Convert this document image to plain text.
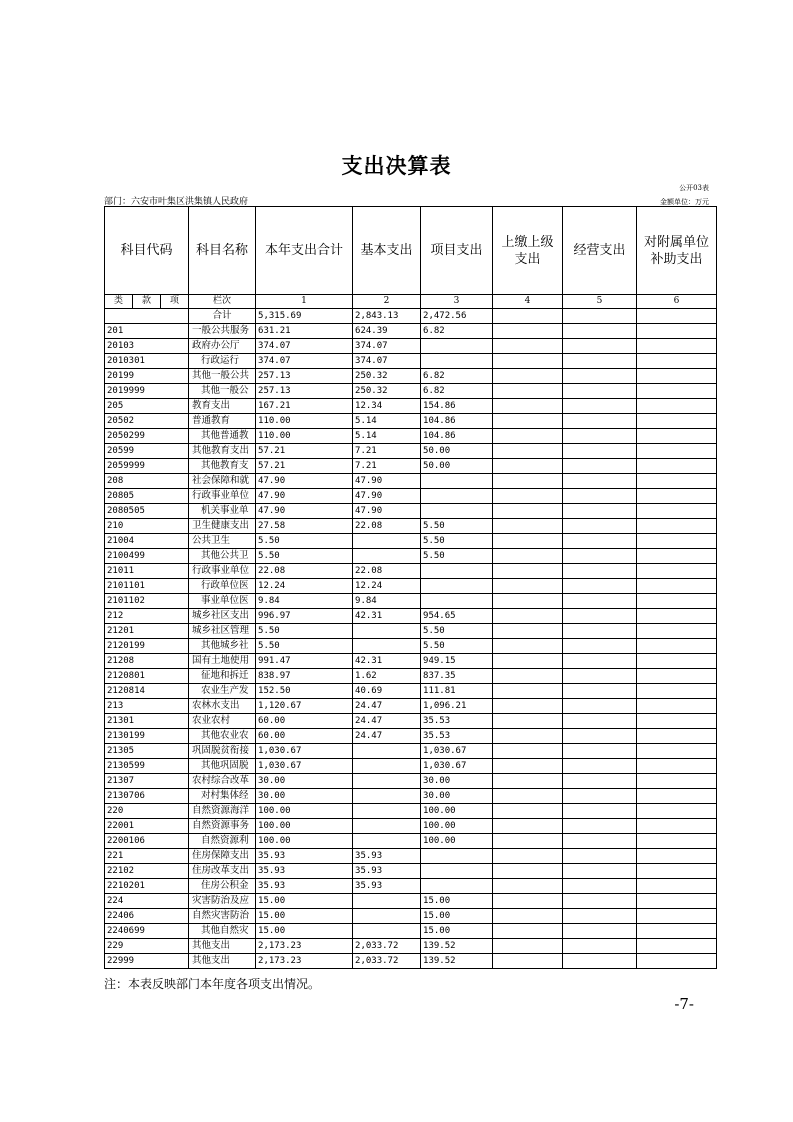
支出决算表
公开03表
部门：六安市叶集区洪集镇人民政府	金额单位：万元
科目代码			科目名称	本年支出合计	基本支出	项目支出	上缴上级支出	经营支出	对附属单位补助支出
类	款	项	栏次	1	2	3	4	5	6
			合计	5,315.69	2,843.13	2,472.56			
201			一般公共服务	631.21	624.39	6.82			
20103			政府办公厅	374.07	374.07				
2010301			行政运行	374.07	374.07				
20199			其他一般公共	257.13	250.32	6.82			
2019999			其他一般公	257.13	250.32	6.82			
205			教育支出	167.21	12.34	154.86			
20502			普通教育	110.00	5.14	104.86			
2050299			其他普通教	110.00	5.14	104.86			
20599			其他教育支出	57.21	7.21	50.00			
2059999			其他教育支	57.21	7.21	50.00			
208			社会保障和就	47.90	47.90				
20805			行政事业单位	47.90	47.90				
2080505			机关事业单	47.90	47.90				
210			卫生健康支出	27.58	22.08	5.50			
21004			公共卫生	5.50		5.50			
2100499			其他公共卫	5.50		5.50			
21011			行政事业单位	22.08	22.08				
2101101			行政单位医	12.24	12.24				
2101102			事业单位医	9.84	9.84				
212			城乡社区支出	996.97	42.31	954.65			
21201			城乡社区管理	5.50		5.50			
2120199			其他城乡社	5.50		5.50			
21208			国有土地使用	991.47	42.31	949.15			
2120801			征地和拆迁	838.97	1.62	837.35			
2120814			农业生产发	152.50	40.69	111.81			
213			农林水支出	1,120.67	24.47	1,096.21			
21301			农业农村	60.00	24.47	35.53			
2130199			其他农业农	60.00	24.47	35.53			
21305			巩固脱贫衔接	1,030.67		1,030.67			
2130599			其他巩固脱	1,030.67		1,030.67			
21307			农村综合改革	30.00		30.00			
2130706			对村集体经	30.00		30.00			
220			自然资源海洋	100.00		100.00			
22001			自然资源事务	100.00		100.00			
2200106			自然资源利	100.00		100.00			
221			住房保障支出	35.93	35.93				
22102			住房改革支出	35.93	35.93				
2210201			住房公积金	35.93	35.93				
224			灾害防治及应	15.00		15.00			
22406			自然灾害防治	15.00		15.00			
2240699			其他自然灾	15.00		15.00			
229			其他支出	2,173.23	2,033.72	139.52			
22999			其他支出	2,173.23	2,033.72	139.52			
注：本表反映部门本年度各项支出情况。
-7-
